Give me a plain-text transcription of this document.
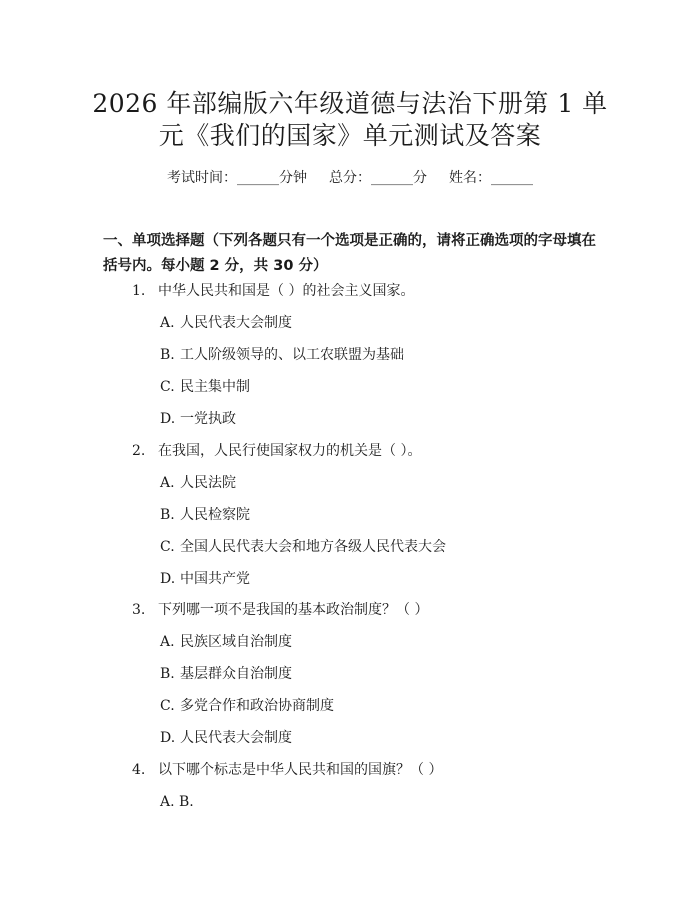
2026 年部编版六年级道德与法治下册第 1 单
元《我们的国家》单元测试及答案
考试时间：______分钟 总分：______分 姓名：______
一、单项选择题（下列各题只有一个选项是正确的，请将正确选项的字母填在括号内。每小题 2 分，共 30 分）
1. 中华人民共和国是（ ）的社会主义国家。
A. 人民代表大会制度
B. 工人阶级领导的、以工农联盟为基础
C. 民主集中制
D. 一党执政
2. 在我国，人民行使国家权力的机关是（ ）。
A. 人民法院
B. 人民检察院
C. 全国人民代表大会和地方各级人民代表大会
D. 中国共产党
3. 下列哪一项不是我国的基本政治制度？（ ）
A. 民族区域自治制度
B. 基层群众自治制度
C. 多党合作和政治协商制度
D. 人民代表大会制度
4. 以下哪个标志是中华人民共和国的国旗？（ ）
A. B.
